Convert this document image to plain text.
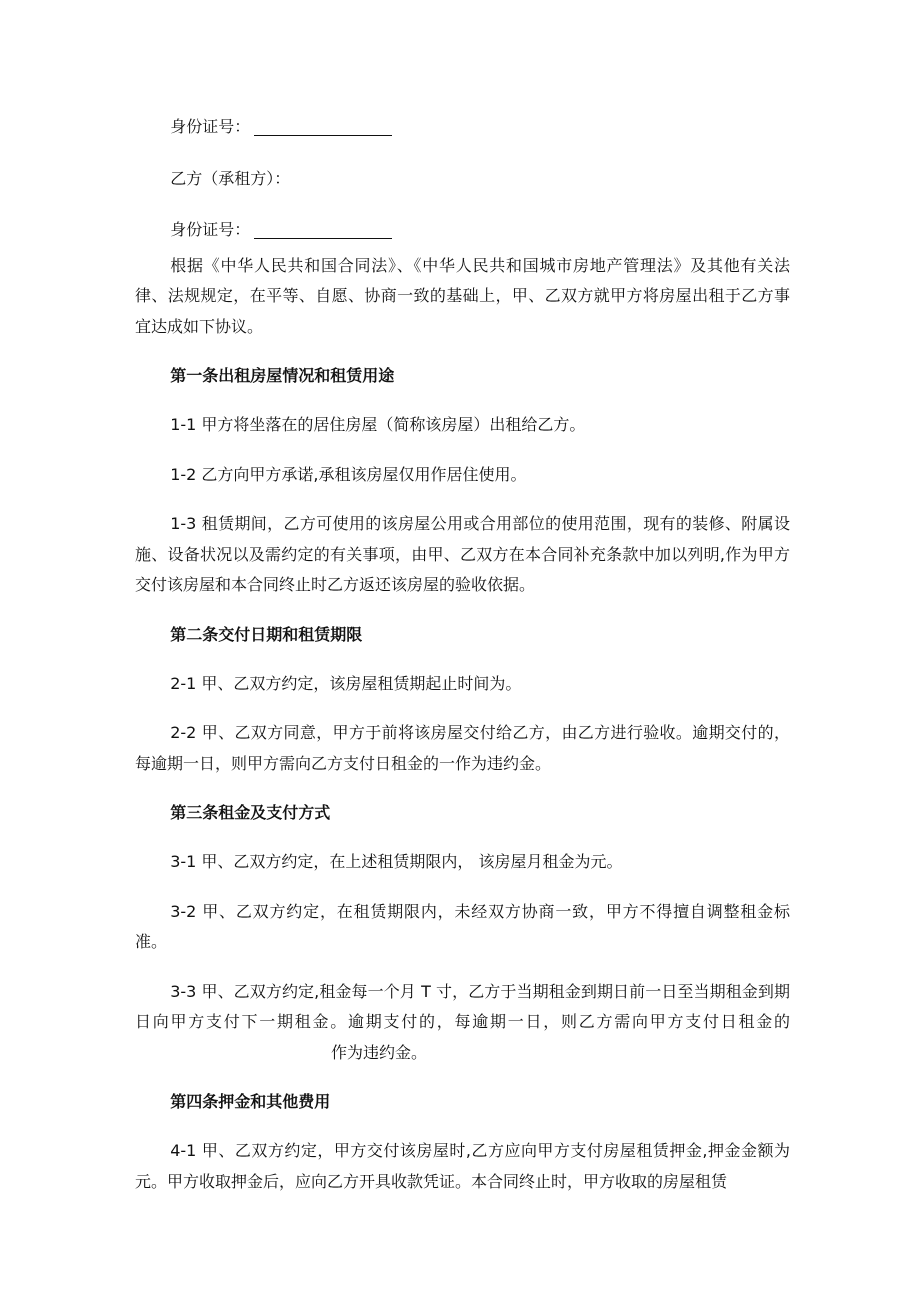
身份证号：

乙方（承租方）：

身份证号：

根据《中华人民共和国合同法》、《中华人民共和国城市房地产管理法》及其他有关法律、法规规定，在平等、自愿、协商一致的基础上，甲、乙双方就甲方将房屋出租于乙方事宜达成如下协议。

第一条出租房屋情况和租赁用途

1-1 甲方将坐落在的居住房屋（简称该房屋）出租给乙方。

1-2 乙方向甲方承诺,承租该房屋仅用作居住使用。

1-3 租赁期间，乙方可使用的该房屋公用或合用部位的使用范围，现有的装修、附属设施、设备状况以及需约定的有关事项，由甲、乙双方在本合同补充条款中加以列明,作为甲方交付该房屋和本合同终止时乙方返还该房屋的验收依据。

第二条交付日期和租赁期限

2-1 甲、乙双方约定，该房屋租赁期起止时间为。

2-2 甲、乙双方同意，甲方于前将该房屋交付给乙方，由乙方进行验收。逾期交付的，每逾期一日，则甲方需向乙方支付日租金的一作为违约金。

第三条租金及支付方式

3-1 甲、乙双方约定，在上述租赁期限内， 该房屋月租金为元。

3-2 甲、乙双方约定，在租赁期限内，未经双方协商一致，甲方不得擅自调整租金标准。

3-3 甲、乙双方约定,租金每一个月 T 寸，乙方于当期租金到期日前一日至当期租金到期日向甲方支付下一期租金。逾期支付的，每逾期一日，则乙方需向甲方支付日租金的作为违约金。

第四条押金和其他费用

4-1 甲、乙双方约定，甲方交付该房屋时,乙方应向甲方支付房屋租赁押金,押金金额为元。甲方收取押金后，应向乙方开具收款凭证。本合同终止时，甲方收取的房屋租赁
